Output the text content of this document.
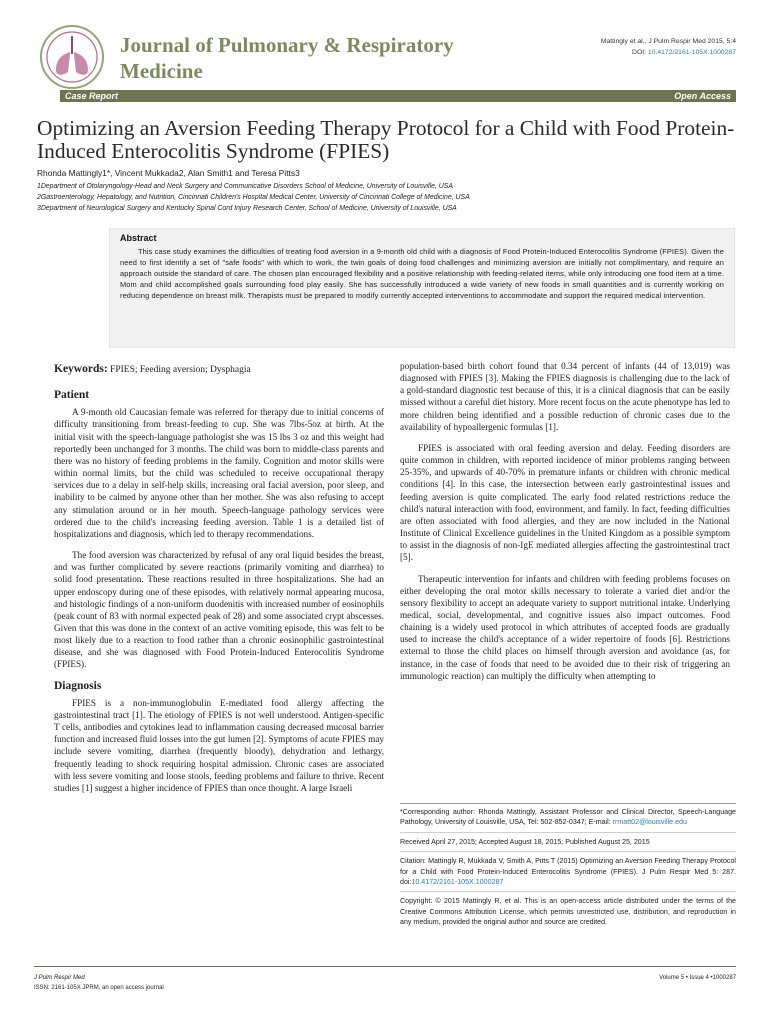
Journal of Pulmonary & Respiratory
Medicine
Mattingly et al., J Pulm Respir Med 2015, 5:4
DOI: 10.4172/2161-105X.1000287
Case Report	Open Access
Optimizing an Aversion Feeding Therapy Protocol for a Child with Food Protein-Induced Enterocolitis Syndrome (FPIES)
Rhonda Mattingly1*, Vincent Mukkada2, Alan Smith1 and Teresa Pitts3
1Department of Otolaryngology-Head and Neck Surgery and Communicative Disorders School of Medicine, University of Louisville, USA
2Gastroenterology, Hepatology, and Nutrition, Cincinnati Children's Hospital Medical Center, University of Cincinnati College of Medicine, USA
3Department of Neurological Surgery and Kentucky Spinal Cord Injury Research Center, School of Medicine, University of Louisville, USA
Abstract

This case study examines the difficulties of treating food aversion in a 9-month old child with a diagnosis of Food Protein-Induced Enterocolitis Syndrome (FPIES). Given the need to first identify a set of "safe foods" with which to work, the twin goals of doing food challenges and minimizing aversion are initially not complimentary, and require an approach outside the standard of care. The chosen plan encouraged flexibility and a positive relationship with feeding-related items, while only introducing one food item at a time. Mom and child accomplished goals surrounding food play easily. She has successfully introduced a wide variety of new foods in small quantities and is currently working on reducing dependence on breast milk. Therapists must be prepared to modify currently accepted interventions to accommodate and support the required medical intervention.

Keywords: FPIES; Feeding aversion; Dysphagia
Patient

A 9-month old Caucasian female was referred for therapy due to initial concerns of difficulty transitioning from breast-feeding to cup. She was 7lbs-5oz at birth. At the initial visit with the speech-language pathologist she was 15 lbs 3 oz and this weight had reportedly been unchanged for 3 months. The child was born to middle-class parents and there was no history of feeding problems in the family. Cognition and motor skills were within normal limits, but the child was scheduled to receive occupational therapy services due to a delay in self-help skills, increasing oral facial aversion, poor sleep, and inability to be calmed by anyone other than her mother. She was also refusing to accept any stimulation around or in her mouth. Speech-language pathology services were ordered due to the child's increasing feeding aversion. Table 1 is a detailed list of hospitalizations and diagnosis, which led to therapy recommendations.

The food aversion was characterized by refusal of any oral liquid besides the breast, and was further complicated by severe reactions (primarily vomiting and diarrhea) to solid food presentation. These reactions resulted in three hospitalizations. She had an upper endoscopy during one of these episodes, with relatively normal appearing mucosa, and histologic findings of a non-uniform duodenitis with increased number of eosinophils (peak count of 83 with normal expected peak of 28) and some associated crypt abscesses. Given that this was done in the context of an active vomiting episode, this was felt to be most likely due to a reaction to food rather than a chronic eosinophilic gastrointestinal disease, and she was diagnosed with Food Protein-Induced Enterocolitis Syndrome (FPIES).

Diagnosis

FPIES is a non-immunoglobulin E-mediated food allergy affecting the gastrointestinal tract [1]. The etiology of FPIES is not well understood. Antigen-specific T cells, antibodies and cytokines lead to inflammation causing decreased mucosal barrier function and increased fluid losses into the gut lumen [2]. Symptoms of acute FPIES may include severe vomiting, diarrhea (frequently bloody), dehydration and lethargy, frequently leading to shock requiring hospital admission. Chronic cases are associated with less severe vomiting and loose stools, feeding problems and failure to thrive. Recent studies [1] suggest a higher incidence of FPIES than once thought. A large Israeli

population-based birth cohort found that 0.34 percent of infants (44 of 13,019) was diagnosed with FPIES [3]. Making the FPIES diagnosis is challenging due to the lack of a gold-standard diagnostic test because of this, it is a clinical diagnosis that can be easily missed without a careful diet history. More recent focus on the acute phenotype has led to more children being identified and a possible reduction of chronic cases due to the availability of hypoallergenic formulas [1].

FPIES is associated with oral feeding aversion and delay. Feeding disorders are quite common in children, with reported incidence of minor problems ranging between 25-35%, and upwards of 40-70% in premature infants or children with chronic medical conditions [4]. In this case, the intersection between early gastrointestinal issues and feeding aversion is quite complicated. The early food related restrictions reduce the child's natural interaction with food, environment, and family. In fact, feeding difficulties are often associated with food allergies, and they are now included in the National Institute of Clinical Excellence guidelines in the United Kingdom as a possible symptom to assist in the diagnosis of non-IgE mediated allergies affecting the gastrointestinal tract [5].

Therapeutic intervention for infants and children with feeding problems focuses on either developing the oral motor skills necessary to tolerate a varied diet and/or the sensory flexibility to accept an adequate variety to support nutritional intake. Underlying medical, social, developmental, and cognitive issues also impact outcomes. Food chaining is a widely used protocol in which attributes of accepted foods are gradually used to increase the child's acceptance of a wider repertoire of foods [6]. Restrictions external to those the child places on himself through aversion and avoidance (as, for instance, in the case of foods that need to be avoided due to their risk of triggering an immunologic reaction) can multiply the difficulty when attempting to

*Corresponding author: Rhonda Mattingly, Assistant Professor and Clinical Director, Speech-Language Pathology, University of Louisville, USA, Tel: 502-852-0347; E-mail: rrmatt02@louisville.edu

Received April 27, 2015; Accepted August 18, 2015; Published August 25, 2015

Citation: Mattingly R, Mukkada V, Smith A, Pitts T (2015) Optimizing an Aversion Feeding Therapy Protocol for a Child with Food Protein-Induced Enterocolitis Syndrome (FPIES). J Pulm Respir Med 5: 287. doi:10.4172/2161-105X.1000287

Copyright: © 2015 Mattingly R, et al. This is an open-access article distributed under the terms of the Creative Commons Attribution License, which permits unrestricted use, distribution, and reproduction in any medium, provided the original author and source are credited.

J Pulm Respir Med
ISSN: 2161-105X JPRM, an open access journal
Volume 5 • Issue 4 •1000287
